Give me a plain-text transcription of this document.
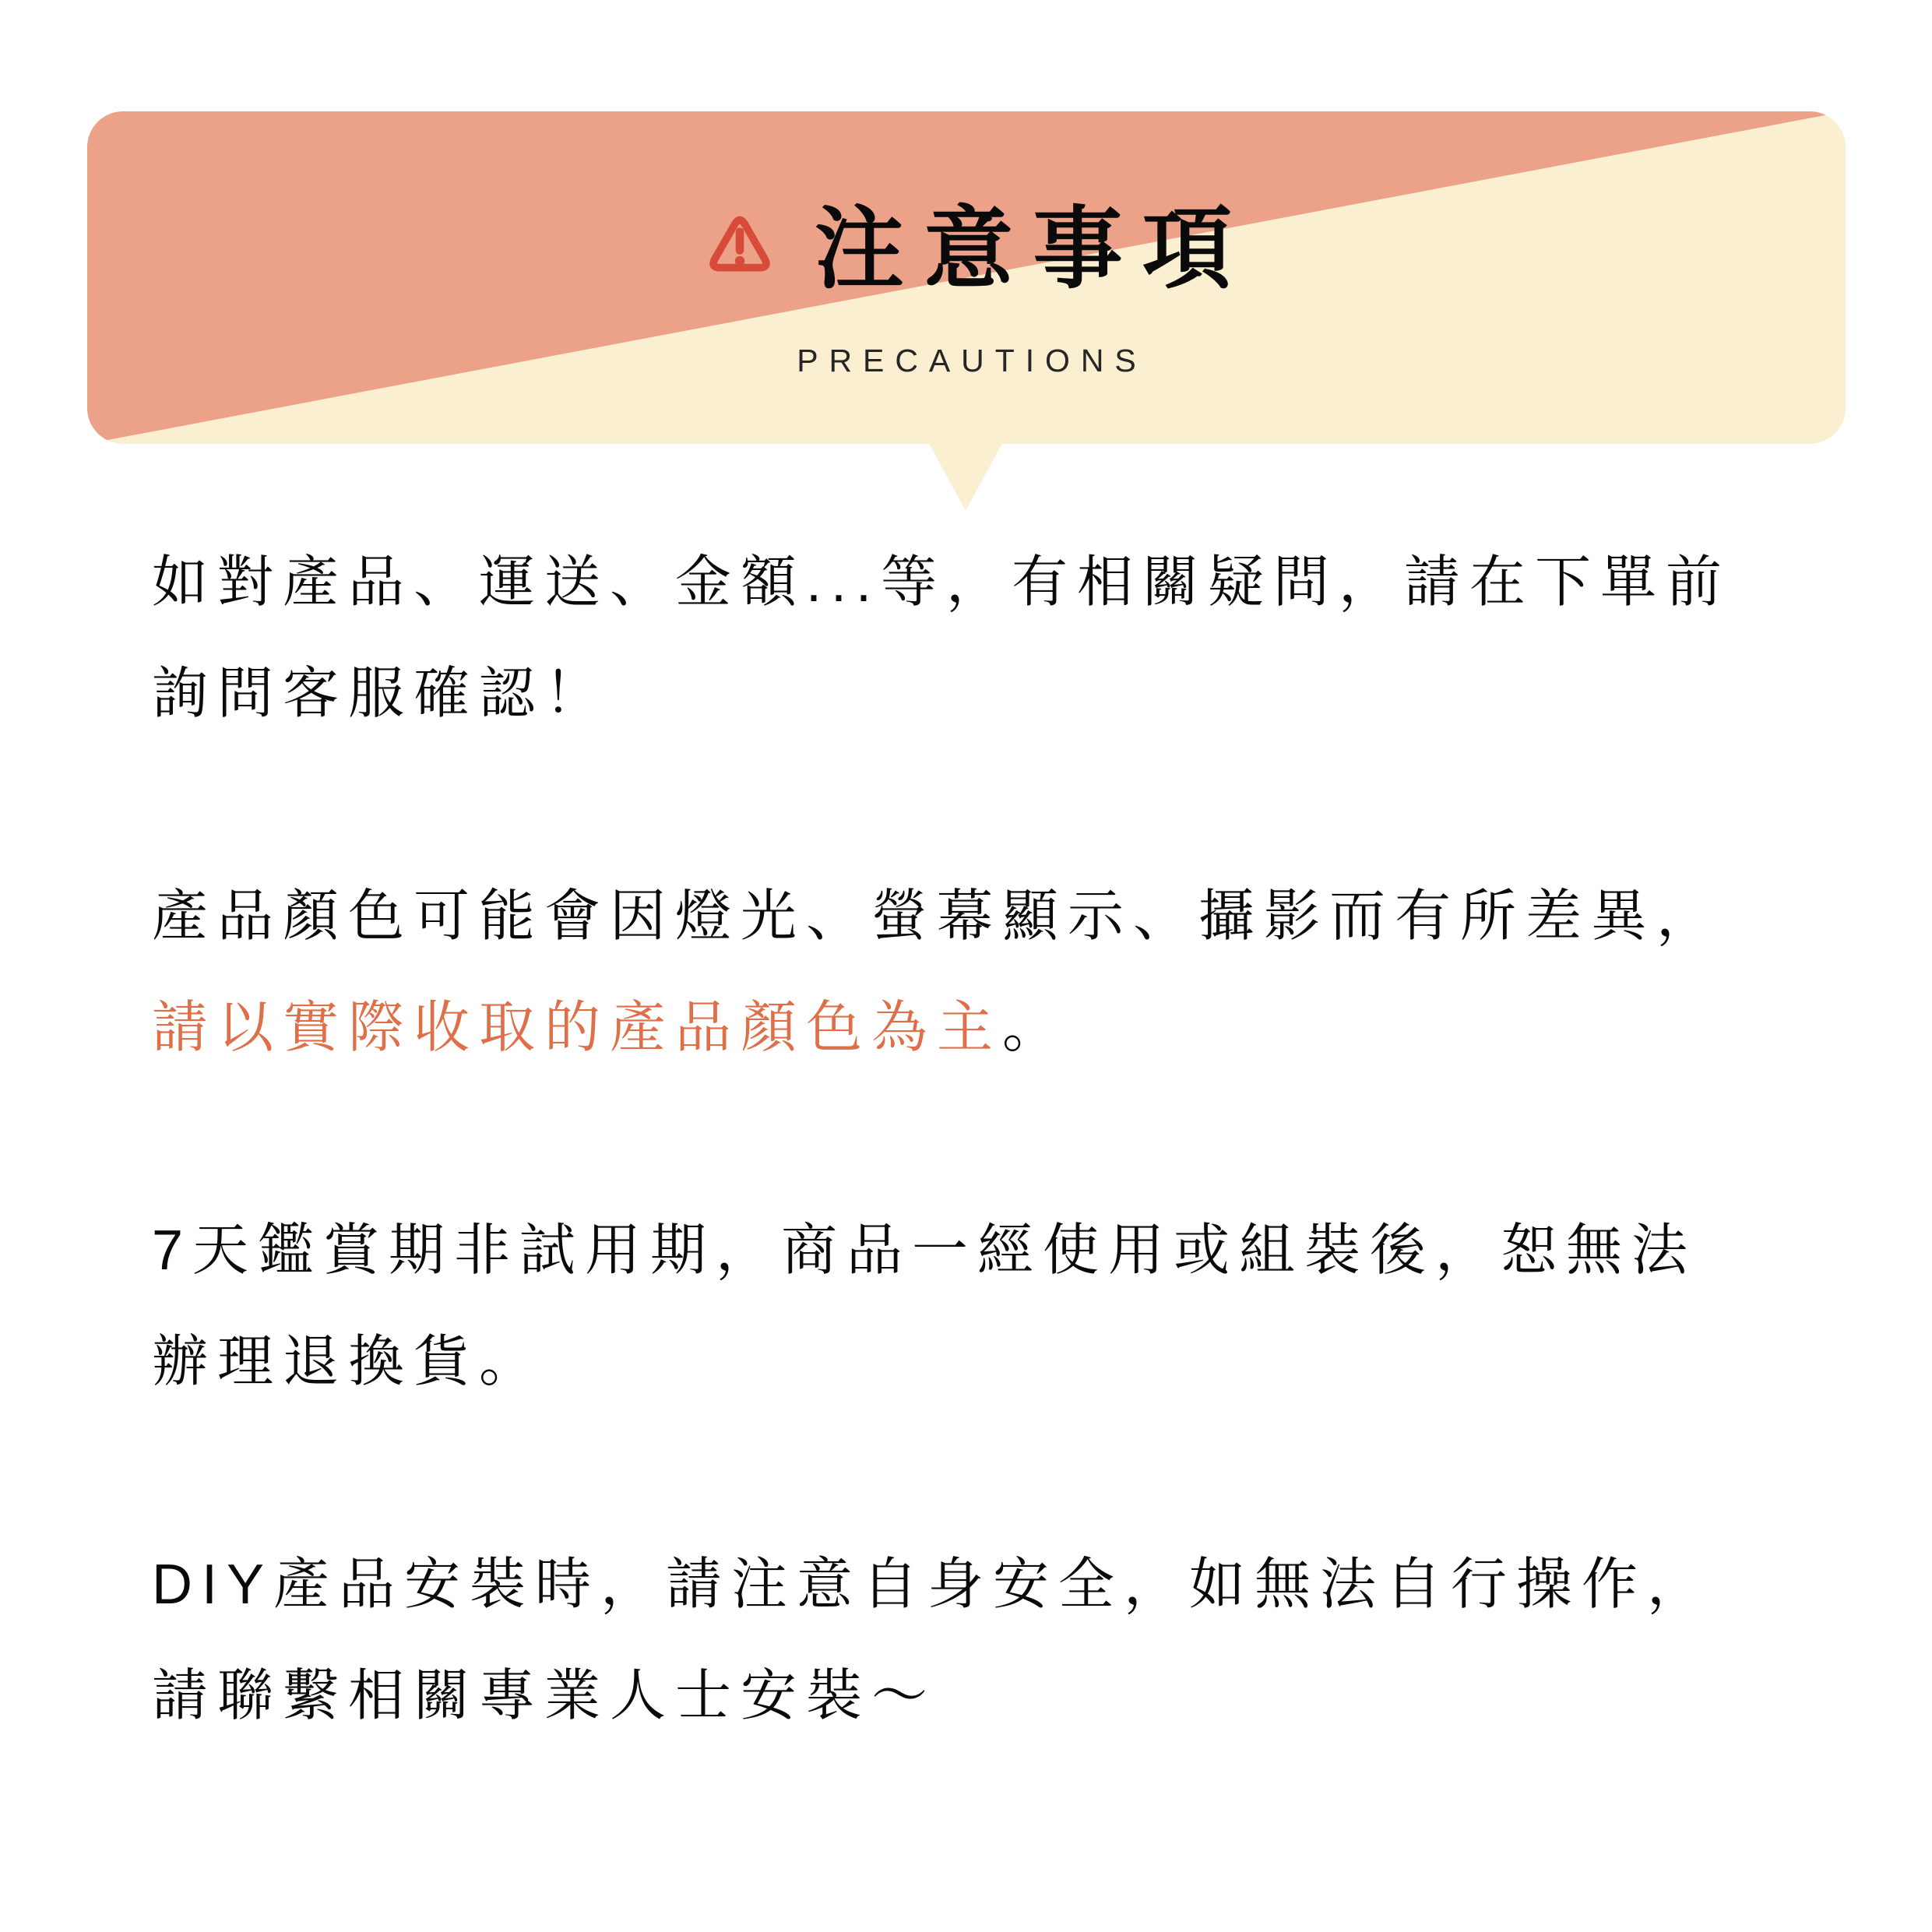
注意事項
PRECAUTIONS

如對產品、運送、金額...等，有相關疑問，請在下單前
詢問客服確認！

產品顏色可能會因燈光、螢幕顯示、攝影而有所差異，
請以實際收取的產品顏色為主。

7天鑑賞期非試用期，商品一經使用或組裝後，恕無法
辦理退換貨。

DIY產品安裝時，請注意自身安全，如無法自行操作，
請聯繫相關專業人士安裝～
